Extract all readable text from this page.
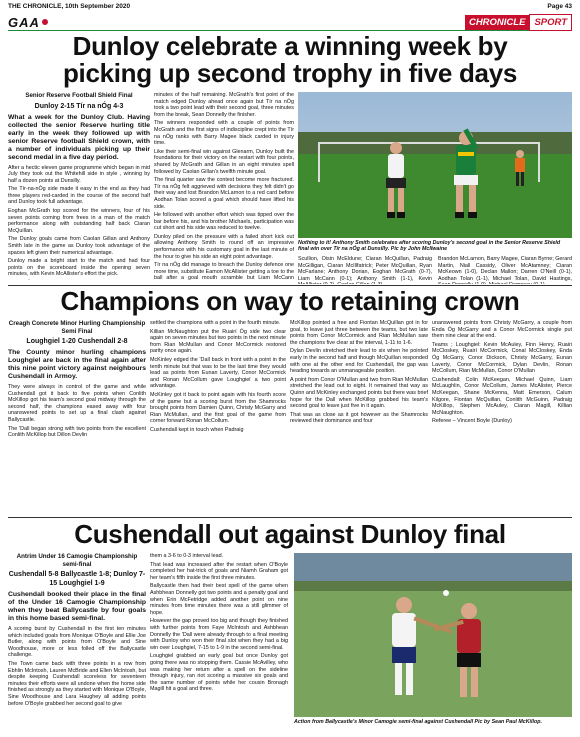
THE CHRONICLE, 10th September 2020	Page 43
GAA	CHRONICLE SPORT
Dunloy celebrate a winning week by
picking up second trophy in five days
Senior Reserve Football Shield Final
Dunloy 2-15 Tír na nÓg 4-3
What a week for the Dunloy Club. Having collected the senior Reserve hurling title early in the week they followed up with senior Reserve football Shield crown, with a number of individuals picking up their second medal in a five day period.

After a hectic eleven game programme which began in mid July they took out the Whitehill side in style , winning by half a dozen points at Dunsilly.

The Tír-na-nÓg side made it easy in the end as they had three players red-carded in the course of the second half and Dunloy took full advantage.

Eoghan McGrath top scored for the winners, four of his seven points coming from frees in a man of the match performance along with outstanding half back Ciaran McQuillan.

The Dunloy goals came from Caolan Gillan and Anthony Smith late in the game as Dunloy took advantage of the spaces left given their numerical advantage.

Dunloy made a bright start to the match and had four points on the scoreboard inside the opening seven minutes, with Kevin McAllister's effort the pick.

minutes of the half remaining. McGrath's first point of the match edged Dunloy ahead once again but Tír na nÓg took a two point lead with their second goal, three minutes from the break, Sean Donnelly the finisher.

The winners responded with a couple of points from McGrath and the first signs of indiscipline crept into the Tír na nÓg ranks with Barry Magee black carded in injury time.

Like their semi-final win against Glenarm, Dunloy built the foundations for their victory on the restart with four points, shared by McGrath and Gillan in an eight minutes spell followed by Caolan Gillan's twelfth minute goal.

The final quarter saw the contest become more fractured. Tír na nÓg felt aggrieved with decisions they felt didn't go their way and lost Brandon McLarnon to a red card before Aodhan Tolan scored a goal which should have lifted his side.

He followed with another effort which was tipped over the bar before his, and his brother Michaels, participation was cut short and his side was reduced to twelve.

Dunloy piled on the pressure with a failed short kick out allowing Anthony Smith to round off an impressive performance with his customary goal in the last minute of the hour to give his side an eight point advantage.

Tír na nÓg did manage to breach the Dunloy defence one more time, substitute Eamon McAllister getting a toe to the ball after a goal mouth scramble but Liam McCann

Nothing to it! Anthony Smith celebrates after scoring Dunloy's second goal in the Senior Reserve Shield final win over Tír na nÓg at Dunsilly. Pic by John McIlwaine

Scullion, Oisin McEldune; Ciaran McQuillan, Padraig McGilligan, Ciaran McIllfatrick; Peter McQuillan, Ryan McFarlane; Anthony Dorian, Eoghan McGrath (0-7), Liam McCann (0-1); Anthony Smith (1-1), Kevin

Brandon McLarnon, Barry Magee, Ciaran Byrne; Gerard Martin, Niall Cassidy, Oliver McAtamney; Ciaran McKeown (1-0), Declan Mallon; Darren O'Neill (0-1), Aodhan Tolan (1-1), Michael Tolan, David Hastings,

Champions on way to retaining crown
Creagh Concrete Minor Hurling Championship Semi Final
Loughgiel 1-20 Cushendall 2-8
The County minor hurling champions Loughgiel are back in the final again after this nine point victory against neighbours Cushendall in Armoy.

They were always in control of the game and while Cushendall got it back to five points when Conlith McKillop got his team's second goal midway through the second half, the champions eased away with four unanswered points to set up a final clash against Ballycastle.

The 'Dall began strong with two points from the excellent Conlith McKillop but Dillon Devlin

settled the champions with a point in the fourth minute.

Killian McNaughton put the Ruairí Óg side two clear again on seven minutes but two points in the next minute from Rian McMullan and Conor McCormick restored parity once again.

McKinley edged the 'Dall back in front with a point in the tenth minute but that was to be the last time they would lead as points from Eunan Laverty, Conor McCormick and Ronan McCollum gave Loughgiel a two point advantage.

McKinley got it back to point again with his fourth score of the game but a scoring burst from the Shamrocks brought points from Damien Quinn, Christy McGarry and Rian McMullan, and the first goal of the game from corner forward Ronan McCollum.

Cushendall kept in touch when Padraig

McKillop pointed a free and Fiontan McQuillan got in for goal, to leave just three between the teams, but two late points from Conor McCormick and Rian McMullan saw the champions five clear at the interval, 1-11 to 1-6.

Dylan Devlin stretched their lead to six when he pointed early in the second half and though McQuillan responded with one at the other end for Cushendall, the gap was heading towards an unmanageable position.

A point from Conor O'Mullan and two from Rian McMullan stretched the lead out to eight. It remained that way as Quinn and McKinley exchanged points but there was brief hope for the Dall when McKillop grabbed his team's second goal to leave just five in it again.

That was as close as it got however as the Shamrocks reviewed their dominance and four

unanswered points from Christy McGarry, a couple from Enda Óg McGarry and a Conor McCormick single put them nine clear at the end.

Teams ; Loughgiel: Kevin McAuley, Finn Henry, Ruairi McCloskey, Ruairí McCormick, Conal McCloskey, Enda Óg McGarry, Conor Dickson, Christy McGarry, Eunan Laverty, Conor McCormick, Dylan Devlin, Ronan McCollum, Rian McMullan, Conor O'Mullan

Cushendall: Colin McKeegan, Michael Quinn, Liam McLaughlin, Conor McCollum, James McAlister, Pierce McKeegan, Shane McKenna, Matt Emerson, Calum Kilgore, Fiontan McQuillan, Conlith McGuinn, Padraig McKillop, Stephen McAuley, Ciaran Magill, Killian McNaughton.

Referee – Vincent Boyle (Dunloy)

Cushendall out against Dunloy final
Antrim Under 16 Camogie Championship semi-final
Cushendall 5-8 Ballycastle 1-8; Dunloy 7-15 Loughgiel 1-9
Cushendall booked their place in the final of the Under 16 Camogie Championship when they beat Ballycastle by four goals in this home based semi-final.

A scoring burst by Cushendall in the first ten minutes which included goals from Monique O'Boyle and Ellie Joe Butler, along with points from O'Boyle and Sine Woodhouse, more or less folled off the Ballycastle challenge.

The Town came back with three points in a row from Ebhlin McIntosh, Lauren McBride and Ellen McIntosh, but despite keeping Cushendall scoreless for seventeen minutes their efforts were all undone when the home side finished as strongly as they started with Monique O'Boyle, Sine Woodhouse and Lara Haughey all adding points before O'Boyle grabbed her second goal to give

them a 3-6 to 0-3 interval lead.

That lead was increased after the restart when O'Boyle completed her hat-trick of goals and Niamh Graham got her team's fifth inside the first three minutes.

Ballycastle then had their best spell of the game when Ashbhean Donnelly got two points and a penalty goal and when Erin McFetridge added another point on nine minutes from time minutes there was a still glimmer of hope.

However the gap proved too big and though they finished with further points from Faye McIntosh and Ashbhean Donnelly the 'Dall were already through to a final meeting with Dunloy who won their final slot when they had a big win over Loughgiel, 7-15 to 1-9 in the second semi-final.

Loughgiel grabbed an early goal but once Dunloy got going there was no stopping them. Cassie McAvilley, who was making her return after a spell on the sideline through injury, ran riot scoring a massive six goals and the same number of points while her cousin Bronagh Magill hit a goal and three.

Action from Ballycastle's Minor Camogie semi-final against Cushendall Pic by Sean Paul McKillop.
